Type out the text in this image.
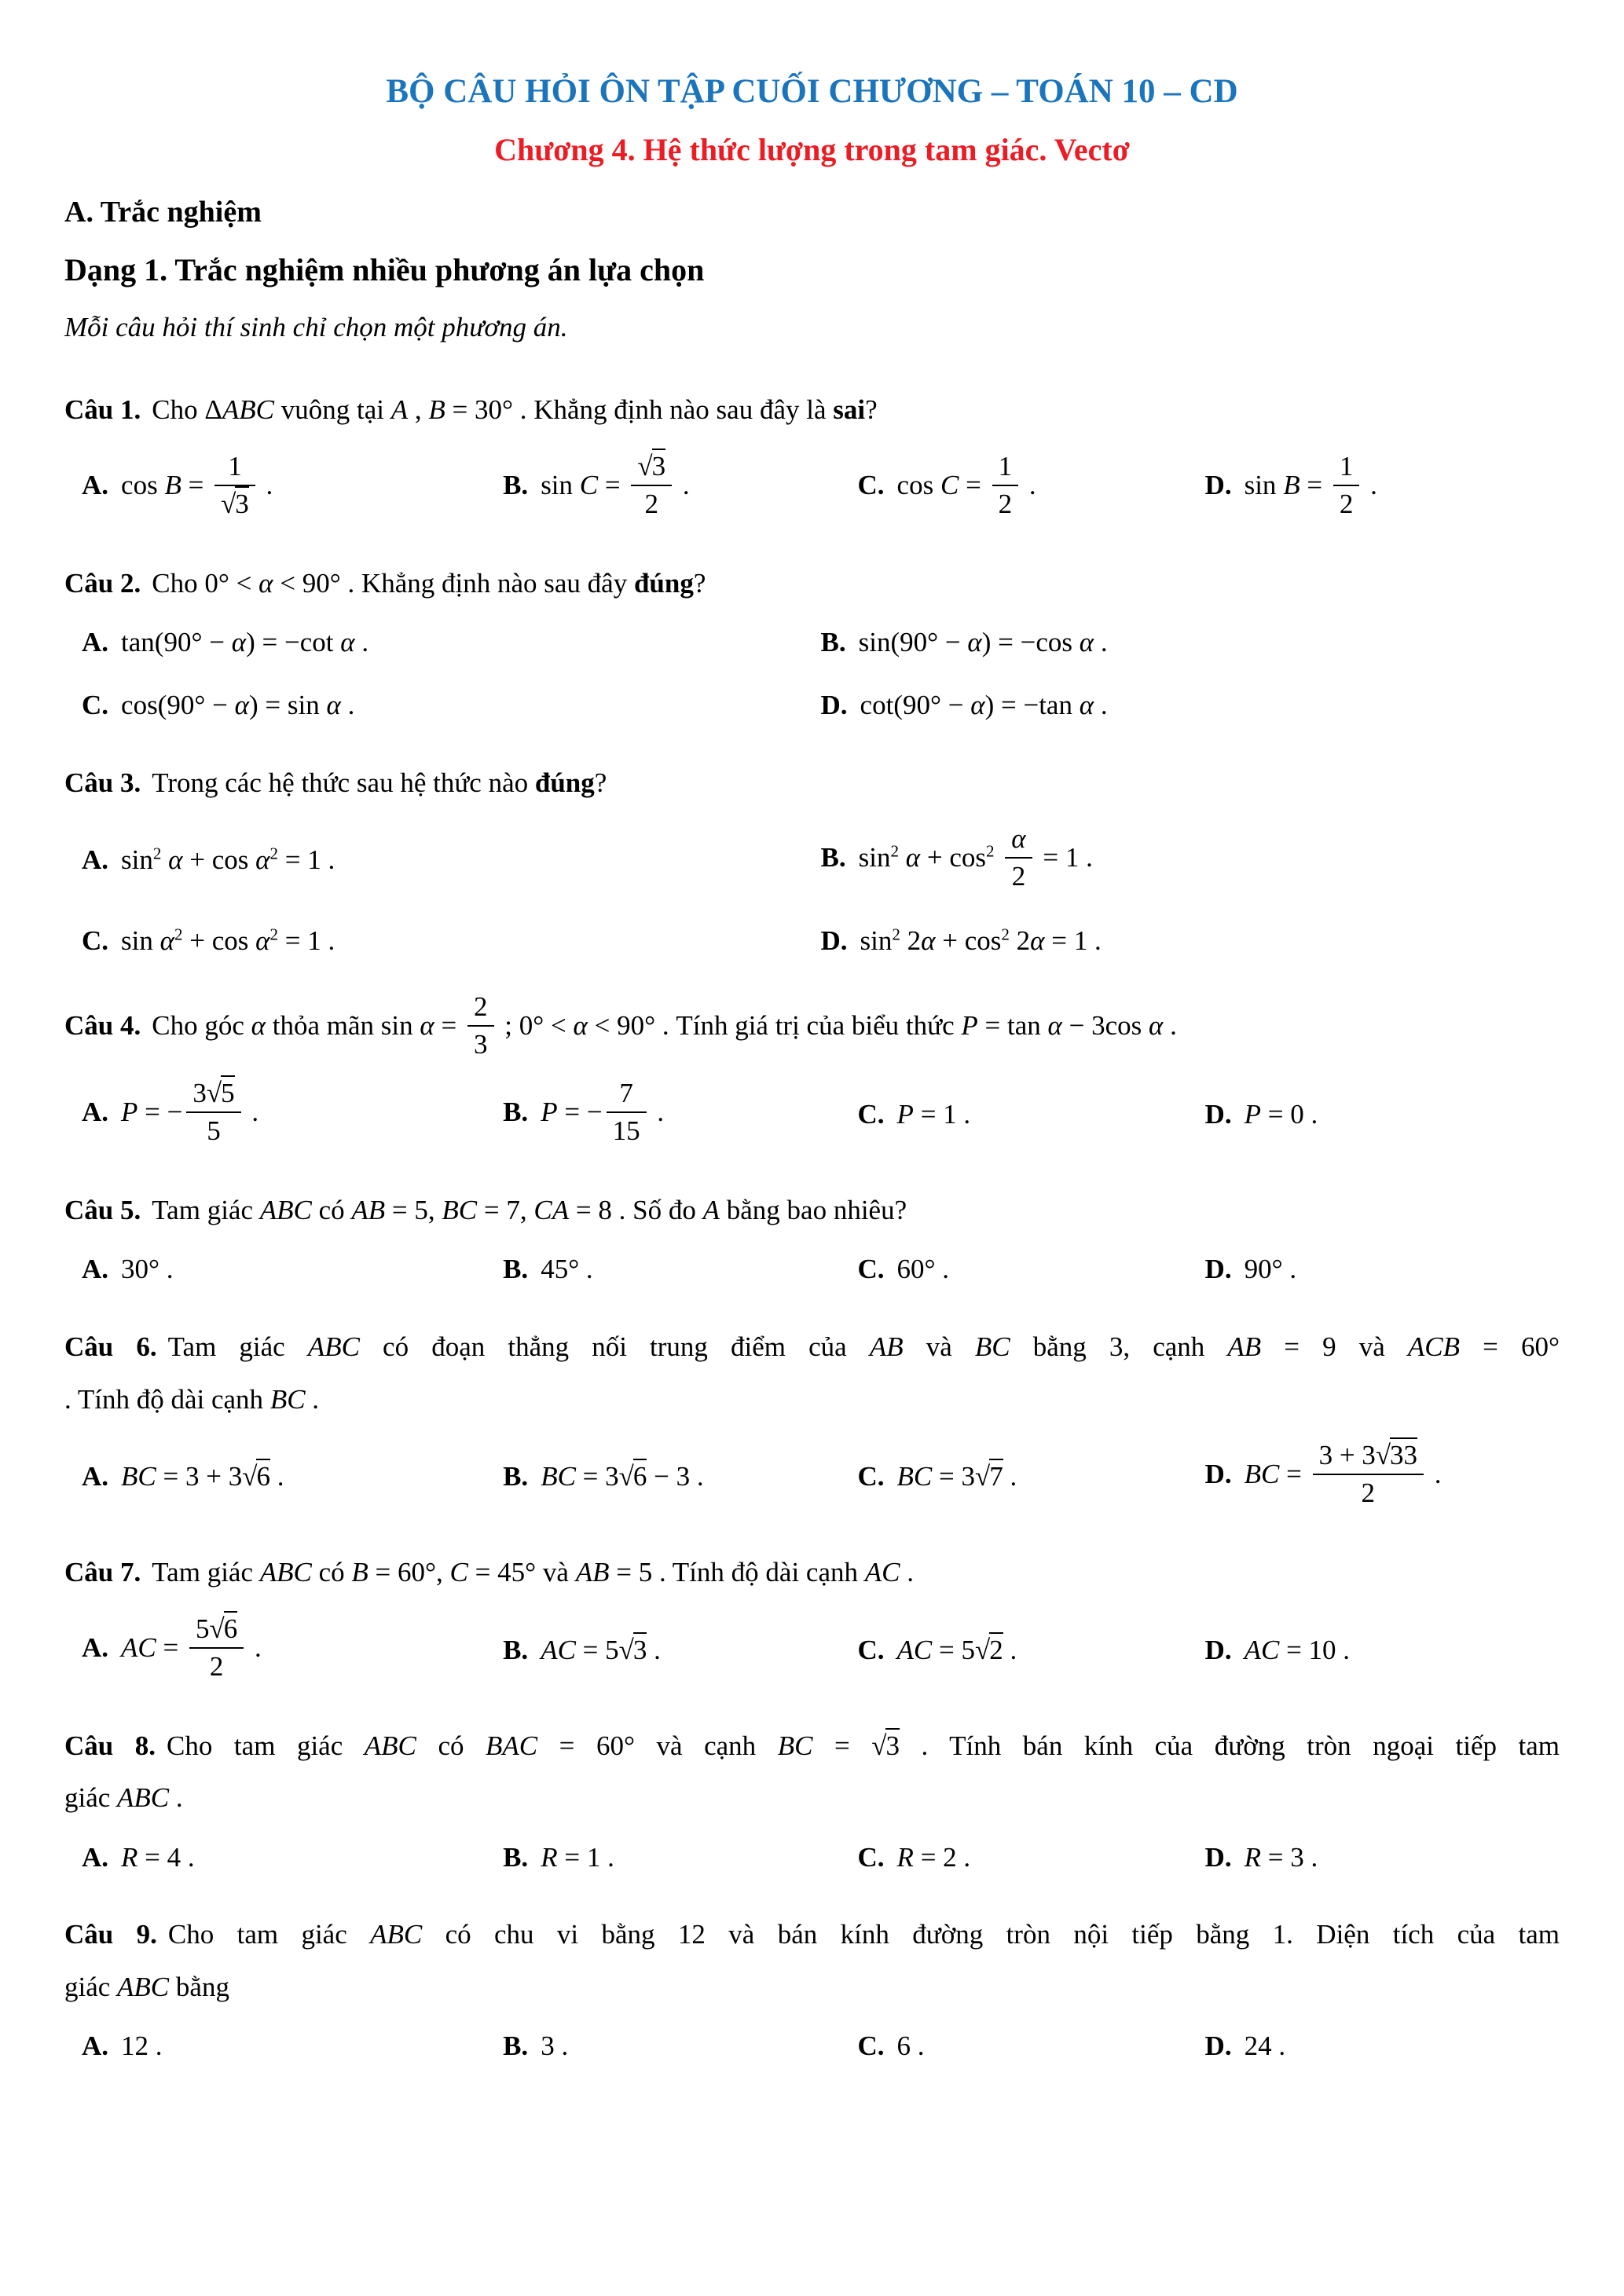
BỘ CÂU HỎI ÔN TẬP CUỐI CHƯƠNG – TOÁN 10 – CD
Chương 4. Hệ thức lượng trong tam giác. Vectơ
A. Trắc nghiệm
Dạng 1. Trắc nghiệm nhiều phương án lựa chọn

Mỗi câu hỏi thí sinh chỉ chọn một phương án.

Câu 1. Cho ΔABC vuông tại A , B = 30° . Khẳng định nào sau đây là sai?

A. $\cos B = \frac{1}{√3}$ .	B. $\sin C = \frac{√3}{2}$ .	C. $\cos C = \frac{1}{2}$ .	D. $\sin B = \frac{1}{2}$ .

Câu 2. Cho 0° < α < 90° . Khẳng định nào sau đây đúng?

A. tan(90° − α) = −cot α .	B. sin(90° − α) = −cos α .
C. cos(90° − α) = sin α .	D. cot(90° − α) = −tan α .

Câu 3. Trong các hệ thức sau hệ thức nào đúng?

A. $\sin^2 \alpha + \cos \alpha^2 = 1$ .	B. $\sin^2 \alpha + \cos^2 \frac{\alpha}{2} = 1$ .
C. $\sin \alpha^2 + \cos \alpha^2 = 1$ .	D. $\sin^2 2\alpha + \cos^2 2\alpha = 1$ .

Câu 4. Cho góc α thỏa mãn $\sin \alpha = \frac{2}{3}$ ; 0° < α < 90° . Tính giá trị của biểu thức P = tan α − 3cos α .

A. P = − $\frac{3√5}{5}$ .	B. P = − $\frac{7}{15}$ .	C. P = 1 .	D. P = 0 .

Câu 5. Tam giác ABC có AB = 5, BC = 7, CA = 8 . Số đo A bằng bao nhiêu?

A. 30° .	B. 45° .	C. 60° .	D. 90° .

Câu 6. Tam giác ABC có đoạn thẳng nối trung điểm của AB và BC bằng 3, cạnh AB = 9 và ACB = 60°
. Tính độ dài cạnh BC .

A. BC = 3 + 3√6 .	B. BC = 3√6 − 3 .	C. BC = 3√7 .	D. BC = $\frac{3 + 3√33}{2}$ .

Câu 7. Tam giác ABC có B = 60°, C = 45° và AB = 5 . Tính độ dài cạnh AC .

A. AC = $\frac{5√6}{2}$ .	B. AC = 5√3 .	C. AC = 5√2 .	D. AC = 10 .

Câu 8. Cho tam giác ABC có BAC = 60° và cạnh BC = √3 . Tính bán kính của đường tròn ngoại tiếp tam
giác ABC .

A. R = 4 .	B. R = 1 .	C. R = 2 .	D. R = 3 .

Câu 9. Cho tam giác ABC có chu vi bằng 12 và bán kính đường tròn nội tiếp bằng 1. Diện tích của tam
giác ABC bằng

A. 12 .	B. 3 .	C. 6 .	D. 24 .
